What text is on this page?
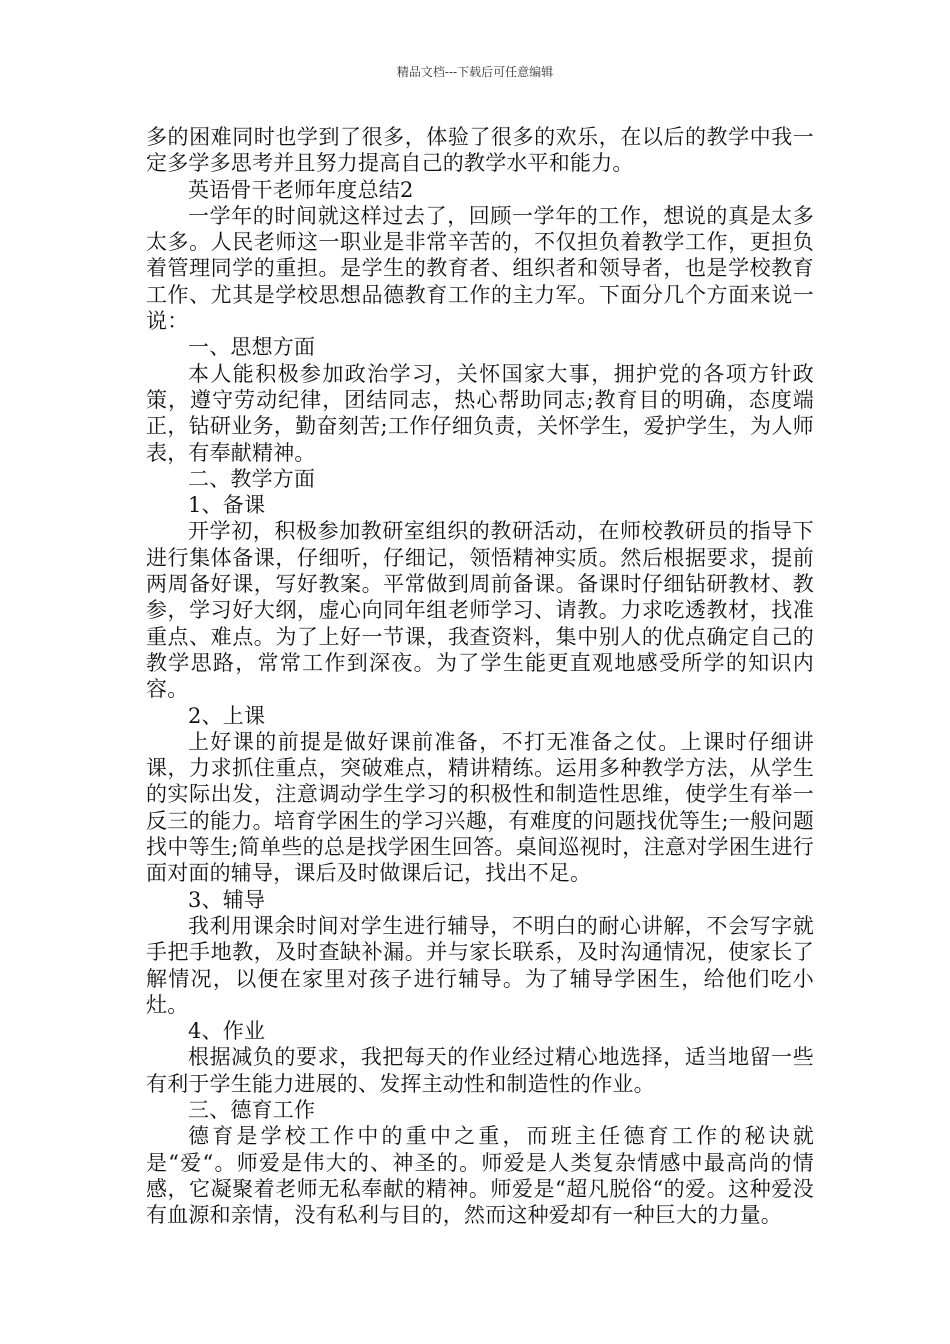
精品文档---下载后可任意编辑

多的困难同时也学到了很多，体验了很多的欢乐，在以后的教学中我一定多学多思考并且努力提高自己的教学水平和能力。

英语骨干老师年度总结2

一学年的时间就这样过去了，回顾一学年的工作，想说的真是太多太多。人民老师这一职业是非常辛苦的，不仅担负着教学工作，更担负着管理同学的重担。是学生的教育者、组织者和领导者，也是学校教育工作、尤其是学校思想品德教育工作的主力军。下面分几个方面来说一说：

一、思想方面

本人能积极参加政治学习，关怀国家大事，拥护党的各项方针政策，遵守劳动纪律，团结同志，热心帮助同志;教育目的明确，态度端正，钻研业务，勤奋刻苦;工作仔细负责，关怀学生，爱护学生，为人师表，有奉献精神。

二、教学方面

1、备课

开学初，积极参加教研室组织的教研活动，在师校教研员的指导下进行集体备课，仔细听，仔细记，领悟精神实质。然后根据要求，提前两周备好课，写好教案。平常做到周前备课。备课时仔细钻研教材、教参，学习好大纲，虚心向同年组老师学习、请教。力求吃透教材，找准重点、难点。为了上好一节课，我查资料，集中别人的优点确定自己的教学思路，常常工作到深夜。为了学生能更直观地感受所学的知识内容。

2、上课

上好课的前提是做好课前准备，不打无准备之仗。上课时仔细讲课，力求抓住重点，突破难点，精讲精练。运用多种教学方法，从学生的实际出发，注意调动学生学习的积极性和制造性思维，使学生有举一反三的能力。培育学困生的学习兴趣，有难度的问题找优等生;一般问题找中等生;简单些的总是找学困生回答。桌间巡视时，注意对学困生进行面对面的辅导，课后及时做课后记，找出不足。

3、辅导

我利用课余时间对学生进行辅导，不明白的耐心讲解，不会写字就手把手地教，及时查缺补漏。并与家长联系，及时沟通情况，使家长了解情况，以便在家里对孩子进行辅导。为了辅导学困生，给他们吃小灶。

4、作业

根据减负的要求，我把每天的作业经过精心地选择，适当地留一些有利于学生能力进展的、发挥主动性和制造性的作业。

三、德育工作

德育是学校工作中的重中之重，而班主任德育工作的秘诀就是“爱“。师爱是伟大的、神圣的。师爱是人类复杂情感中最高尚的情感，它凝聚着老师无私奉献的精神。师爱是“超凡脱俗“的爱。这种爱没有血源和亲情，没有私利与目的，然而这种爱却有一种巨大的力量。
